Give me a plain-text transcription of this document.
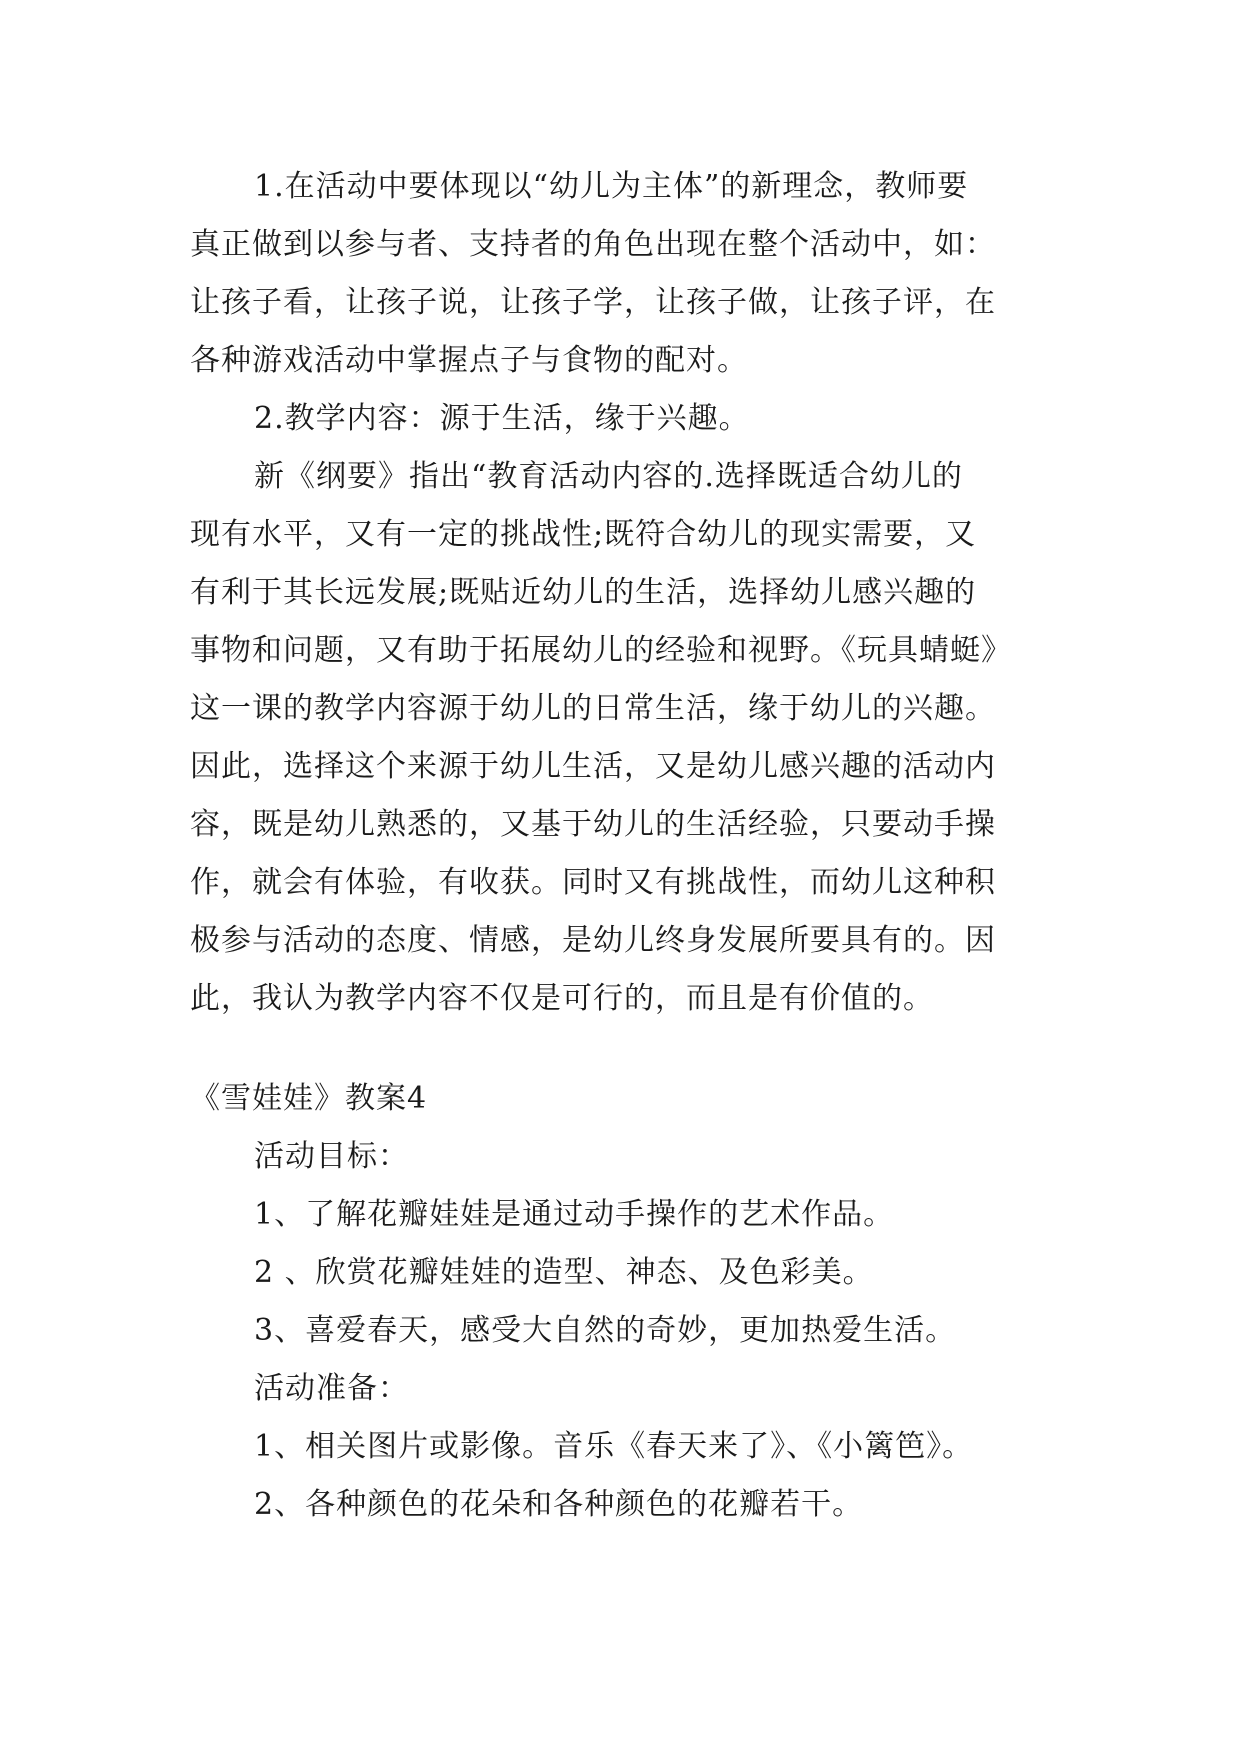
1.在活动中要体现以“幼儿为主体”的新理念，教师要

真正做到以参与者、支持者的角色出现在整个活动中，如：

让孩子看，让孩子说，让孩子学，让孩子做，让孩子评，在

各种游戏活动中掌握点子与食物的配对。

2.教学内容：源于生活，缘于兴趣。

新《纲要》指出“教育活动内容的.选择既适合幼儿的

现有水平，又有一定的挑战性;既符合幼儿的现实需要，又

有利于其长远发展;既贴近幼儿的生活，选择幼儿感兴趣的

事物和问题，又有助于拓展幼儿的经验和视野。《玩具蜻蜓》

这一课的教学内容源于幼儿的日常生活，缘于幼儿的兴趣。

因此，选择这个来源于幼儿生活，又是幼儿感兴趣的活动内

容，既是幼儿熟悉的，又基于幼儿的生活经验，只要动手操

作，就会有体验，有收获。同时又有挑战性，而幼儿这种积

极参与活动的态度、情感，是幼儿终身发展所要具有的。因

此，我认为教学内容不仅是可行的，而且是有价值的。

《雪娃娃》教案4

活动目标：

1、了解花瓣娃娃是通过动手操作的艺术作品。

2 、欣赏花瓣娃娃的造型、神态、及色彩美。

3、喜爱春天，感受大自然的奇妙，更加热爱生活。

活动准备：

1、相关图片或影像。音乐《春天来了》、《小篱笆》。

2、各种颜色的花朵和各种颜色的花瓣若干。
